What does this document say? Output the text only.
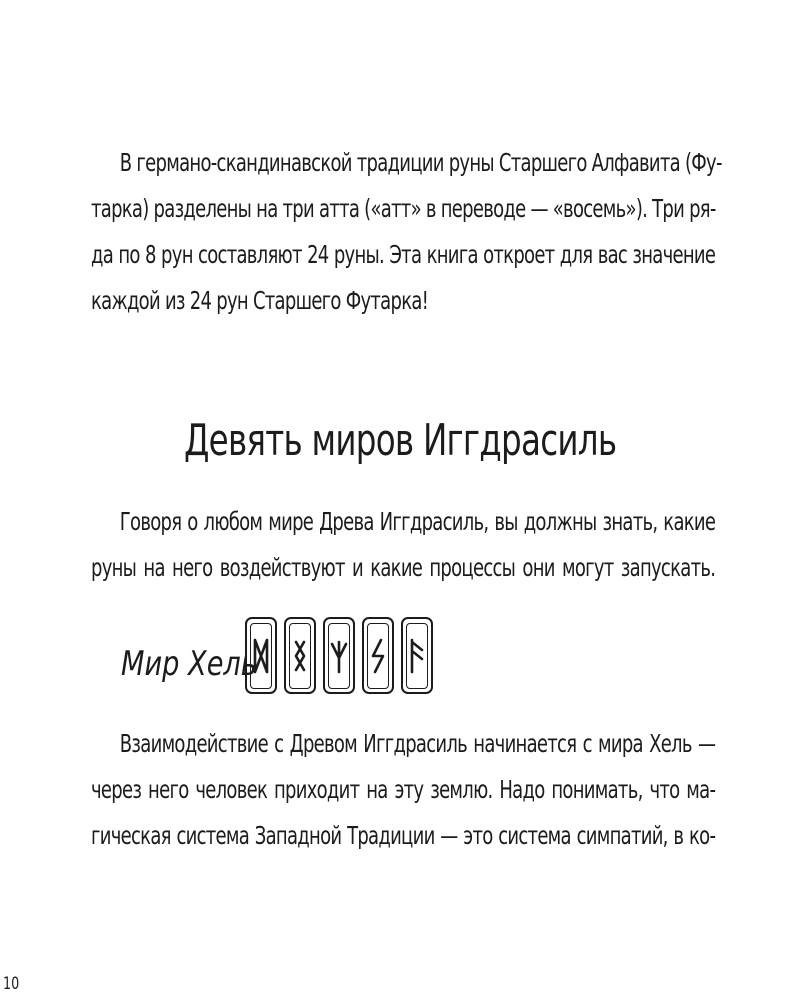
В германо-скандинавской традиции руны Старшего Алфавита (Фу-
тарка) разделены на три атта («атт» в переводе — «восемь»). Три ря-
да по 8 рун составляют 24 руны. Эта книга откроет для вас значение
каждой из 24 рун Старшего Футарка!
Девять миров Иггдрасиль
Говоря о любом мире Древа Иггдрасиль, вы должны знать, какие
руны на него воздействуют и какие процессы они могут запускать.
Мир Хель
Взаимодействие с Древом Иггдрасиль начинается с мира Хель —
через него человек приходит на эту землю. Надо понимать, что ма-
гическая система Западной Традиции — это система симпатий, в ко-
10
